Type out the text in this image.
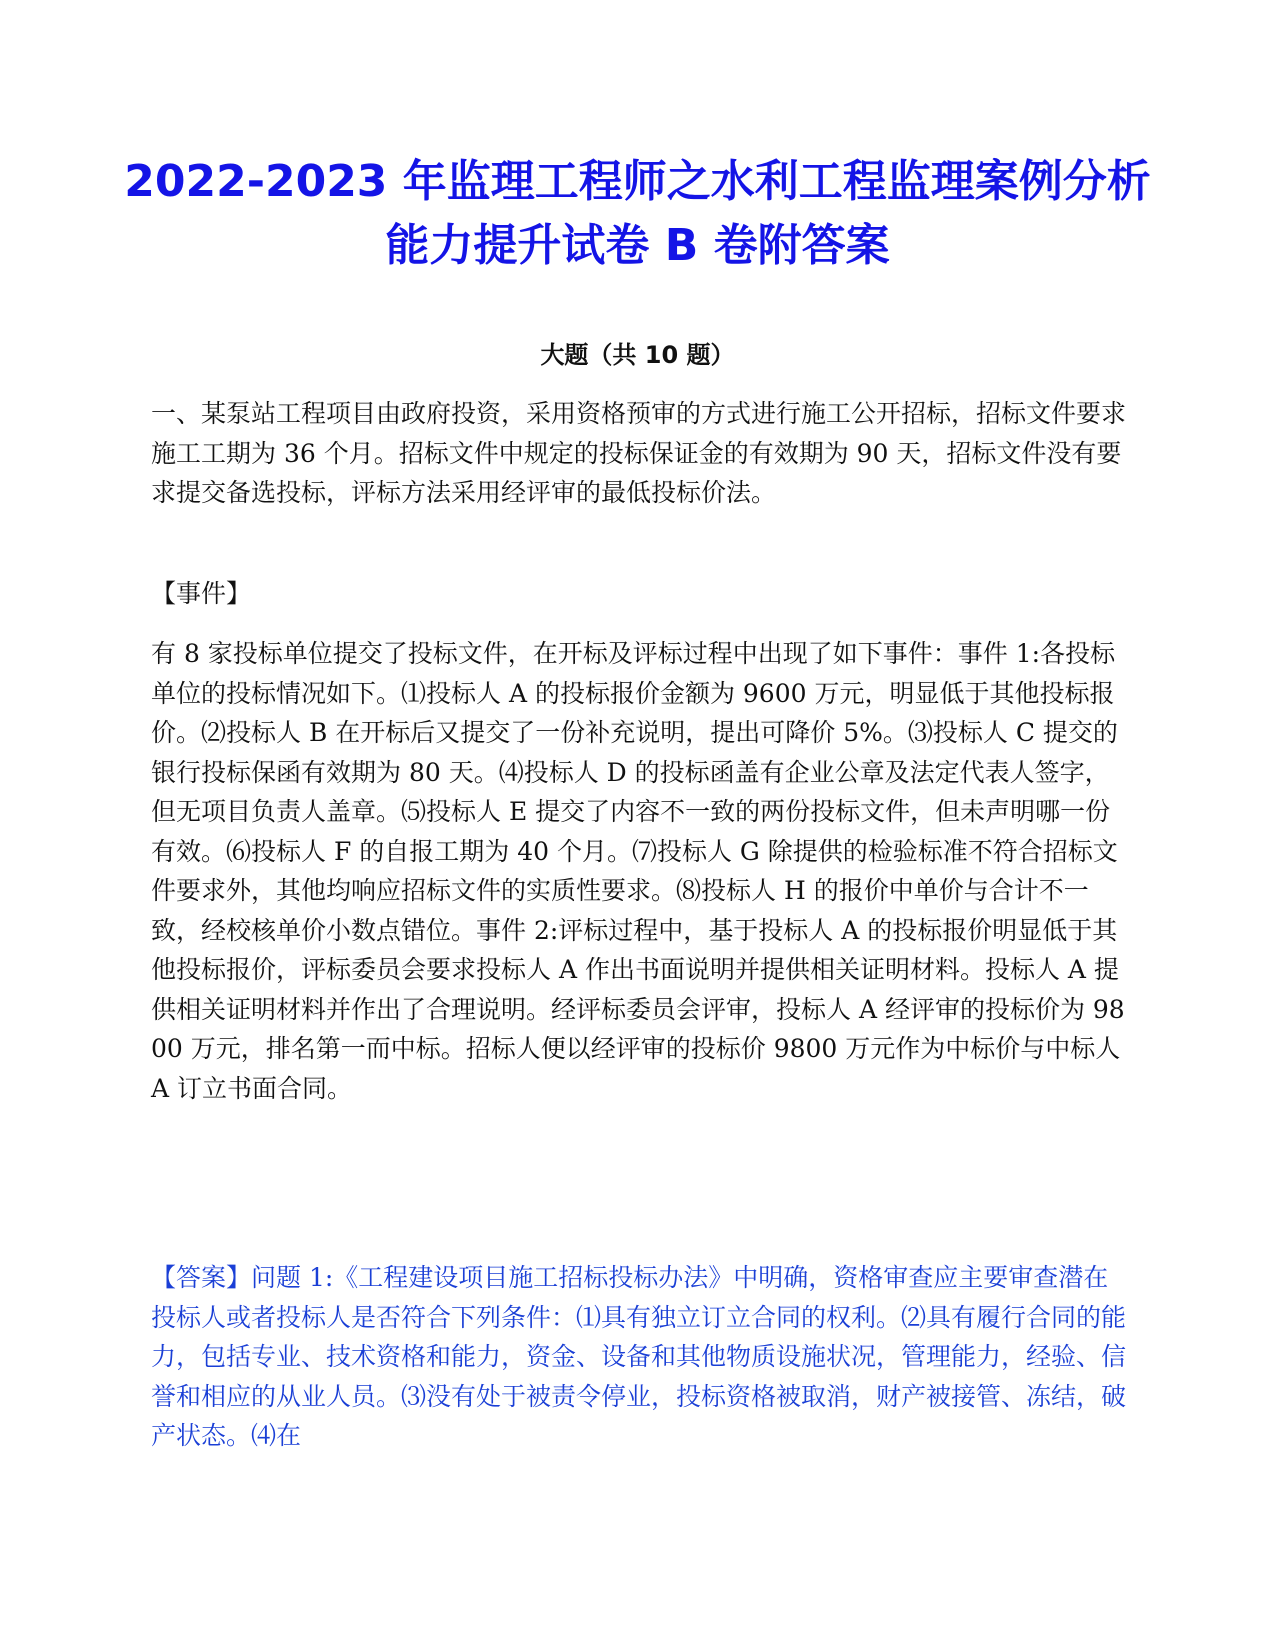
2022-2023 年监理工程师之水利工程监理案例分析能力提升试卷 B 卷附答案
大题（共 10 题）

一、某泵站工程项目由政府投资，采用资格预审的方式进行施工公开招标，招标文件要求施工工期为 36 个月。招标文件中规定的投标保证金的有效期为 90 天，招标文件没有要求提交备选投标，评标方法采用经评审的最低投标价法。

【事件】

有 8 家投标单位提交了投标文件，在开标及评标过程中出现了如下事件：事件 1:各投标单位的投标情况如下。⑴投标人 A 的投标报价金额为 9600 万元，明显低于其他投标报价。⑵投标人 B 在开标后又提交了一份补充说明，提出可降价 5%。⑶投标人 C 提交的银行投标保函有效期为 80 天。⑷投标人 D 的投标函盖有企业公章及法定代表人签字，但无项目负责人盖章。⑸投标人 E 提交了内容不一致的两份投标文件，但未声明哪一份有效。⑹投标人 F 的自报工期为 40 个月。⑺投标人 G 除提供的检验标准不符合招标文件要求外，其他均响应招标文件的实质性要求。⑻投标人 H 的报价中单价与合计不一致，经校核单价小数点错位。事件 2:评标过程中，基于投标人 A 的投标报价明显低于其他投标报价，评标委员会要求投标人 A 作出书面说明并提供相关证明材料。投标人 A 提供相关证明材料并作出了合理说明。经评标委员会评审，投标人 A 经评审的投标价为 9800 万元，排名第一而中标。招标人便以经评审的投标价 9800 万元作为中标价与中标人 A 订立书面合同。

【答案】问题 1:《工程建设项目施工招标投标办法》中明确，资格审查应主要审查潜在投标人或者投标人是否符合下列条件：⑴具有独立订立合同的权利。⑵具有履行合同的能力，包括专业、技术资格和能力，资金、设备和其他物质设施状况，管理能力，经验、信誉和相应的从业人员。⑶没有处于被责令停业，投标资格被取消，财产被接管、冻结，破产状态。⑷在
